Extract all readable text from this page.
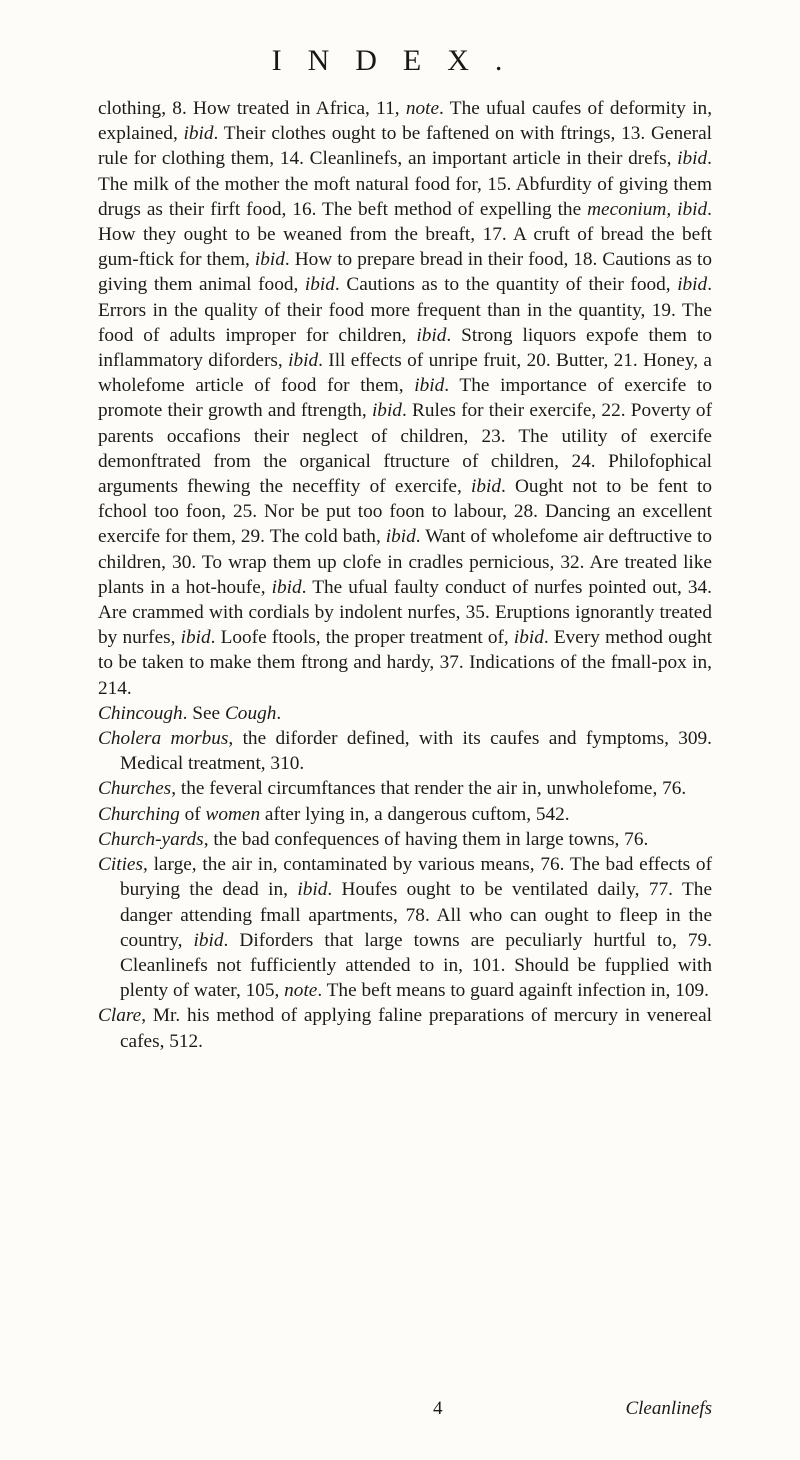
INDEX.

clothing, 8. How treated in Africa, 11, note. The ufual caufes of deformity in, explained, ibid. Their clothes ought to be faftened on with ftrings, 13. General rule for clothing them, 14. Cleanlinefs, an important article in their drefs, ibid. The milk of the mother the moft natural food for, 15. Abfurdity of giving them drugs as their firft food, 16. The beft method of expelling the meconium, ibid. How they ought to be weaned from the breaft, 17. A cruft of bread the beft gum-ftick for them, ibid. How to prepare bread in their food, 18. Cautions as to giving them animal food, ibid. Cautions as to the quantity of their food, ibid. Errors in the quality of their food more frequent than in the quantity, 19. The food of adults improper for children, ibid. Strong liquors expofe them to inflammatory diforders, ibid. Ill effects of unripe fruit, 20. Butter, 21. Honey, a wholefome article of food for them, ibid. The importance of exercife to promote their growth and ftrength, ibid. Rules for their exercife, 22. Poverty of parents occafions their neglect of children, 23. The utility of exercife demonftrated from the organical ftructure of children, 24. Philofophical arguments fhewing the neceffity of exercife, ibid. Ought not to be fent to fchool too foon, 25. Nor be put too foon to labour, 28. Dancing an excellent exercife for them, 29. The cold bath, ibid. Want of wholefome air deftructive to children, 30. To wrap them up clofe in cradles pernicious, 32. Are treated like plants in a hot-houfe, ibid. The ufual faulty conduct of nurfes pointed out, 34. Are crammed with cordials by indolent nurfes, 35. Eruptions ignorantly treated by nurfes, ibid. Loofe ftools, the proper treatment of, ibid. Every method ought to be taken to make them ftrong and hardy, 37. Indications of the fmall-pox in, 214.

Chincough. See Cough.

Cholera morbus, the diforder defined, with its caufes and fymptoms, 309. Medical treatment, 310.

Churches, the feveral circumftances that render the air in, unwholefome, 76.

Churching of women after lying in, a dangerous cuftom, 542.

Church-yards, the bad confequences of having them in large towns, 76.

Cities, large, the air in, contaminated by various means, 76. The bad effects of burying the dead in, ibid. Houfes ought to be ventilated daily, 77. The danger attending fmall apartments, 78. All who can ought to fleep in the country, ibid. Diforders that large towns are peculiarly hurtful to, 79. Cleanlinefs not fufficiently attended to in, 101. Should be fupplied with plenty of water, 105, note. The beft means to guard againft infection in, 109.

Clare, Mr. his method of applying faline preparations of mercury in venereal cafes, 512.

4	Cleanlinefs
